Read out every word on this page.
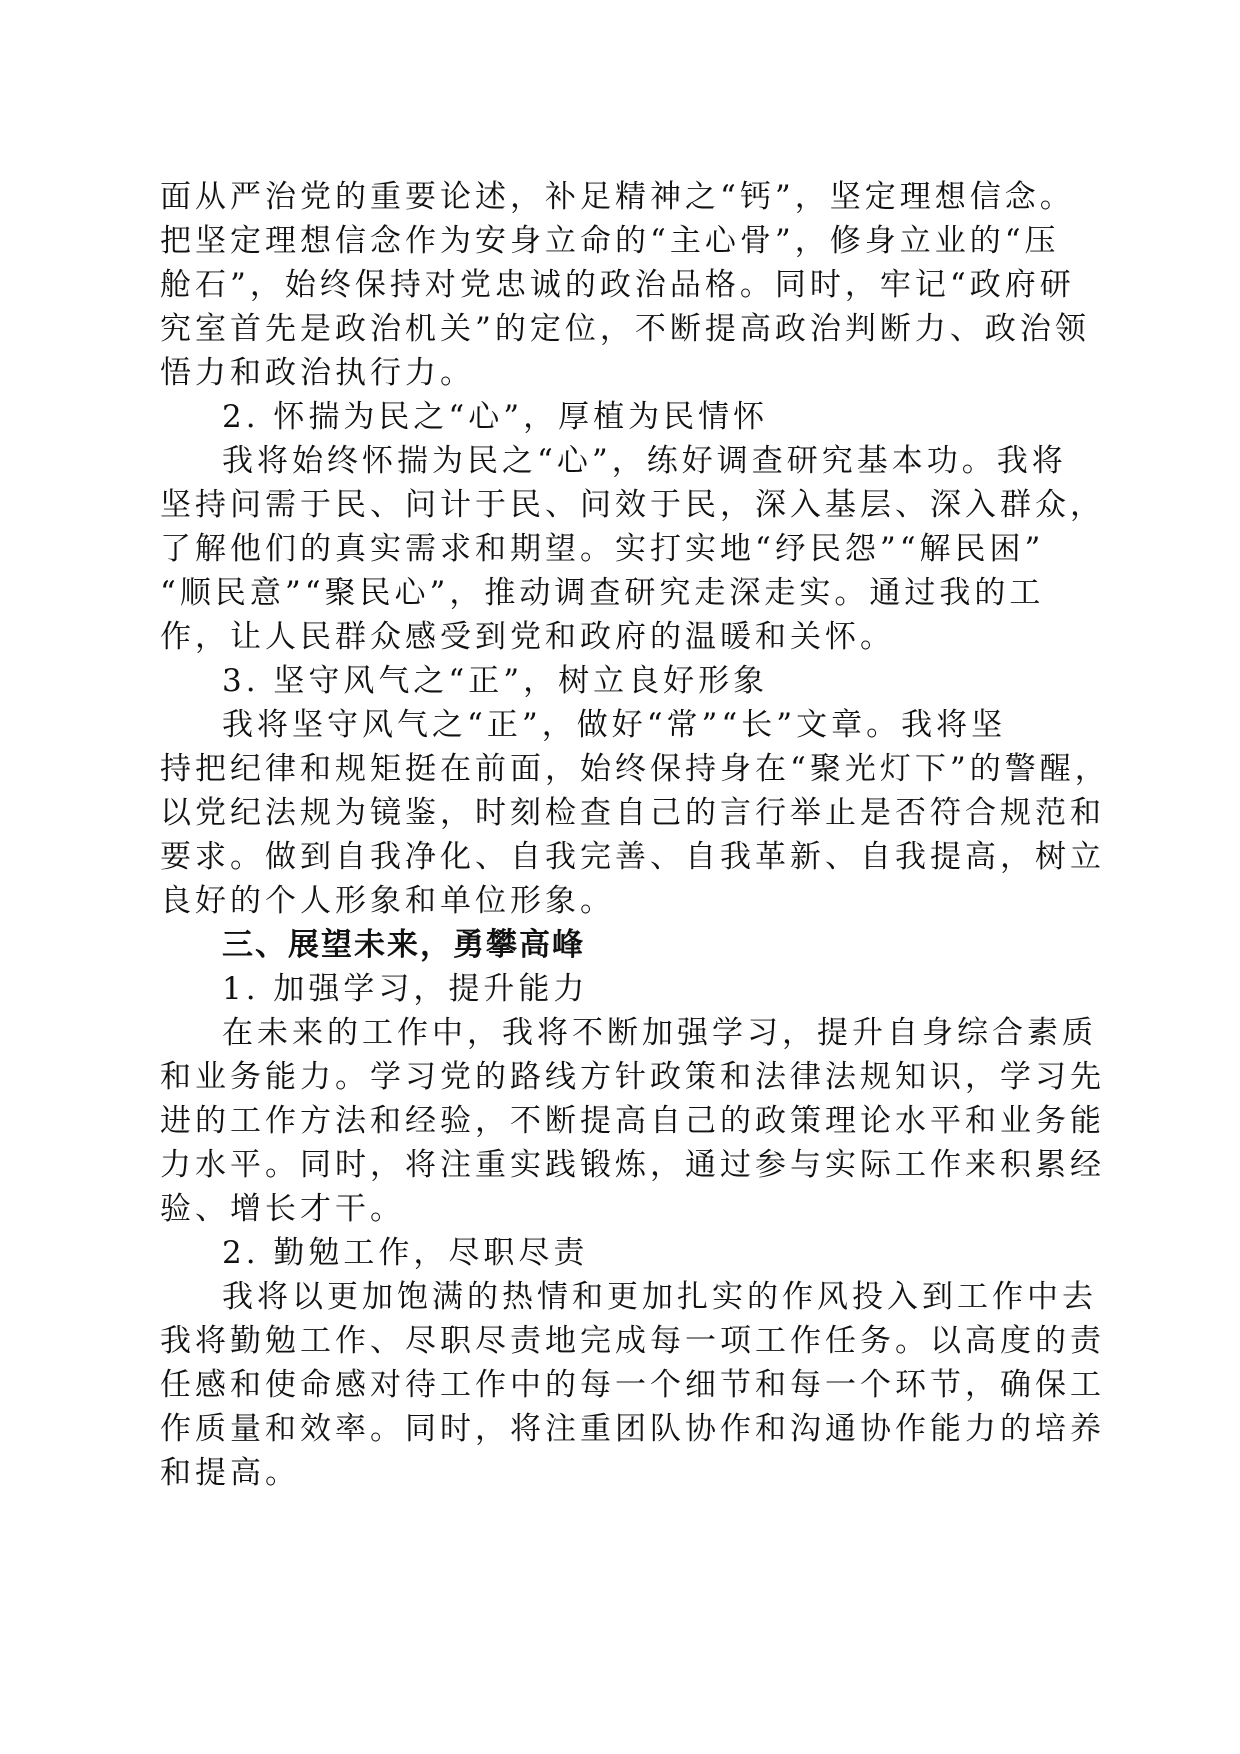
面从严治党的重要论述，补足精神之“钙”，坚定理想信念。

把坚定理想信念作为安身立命的“主心骨”，修身立业的“压

舱石”，始终保持对党忠诚的政治品格。同时，牢记“政府研

究室首先是政治机关”的定位，不断提高政治判断力、政治领

悟力和政治执行力。

2. 怀揣为民之“心”，厚植为民情怀

我将始终怀揣为民之“心”，练好调查研究基本功。我将

坚持问需于民、问计于民、问效于民，深入基层、深入群众，

了解他们的真实需求和期望。实打实地“纾民怨”“解民困”

“顺民意”“聚民心”，推动调查研究走深走实。通过我的工

作，让人民群众感受到党和政府的温暖和关怀。

3. 坚守风气之“正”，树立良好形象

我将坚守风气之“正”，做好“常”“长”文章。我将坚

持把纪律和规矩挺在前面，始终保持身在“聚光灯下”的警醒，

以党纪法规为镜鉴，时刻检查自己的言行举止是否符合规范和

要求。做到自我净化、自我完善、自我革新、自我提高，树立

良好的个人形象和单位形象。

三、展望未来，勇攀高峰

1. 加强学习，提升能力

在未来的工作中，我将不断加强学习，提升自身综合素质

和业务能力。学习党的路线方针政策和法律法规知识，学习先

进的工作方法和经验，不断提高自己的政策理论水平和业务能

力水平。同时，将注重实践锻炼，通过参与实际工作来积累经

验、增长才干。

2. 勤勉工作，尽职尽责

我将以更加饱满的热情和更加扎实的作风投入到工作中去

我将勤勉工作、尽职尽责地完成每一项工作任务。以高度的责

任感和使命感对待工作中的每一个细节和每一个环节，确保工

作质量和效率。同时，将注重团队协作和沟通协作能力的培养

和提高。
